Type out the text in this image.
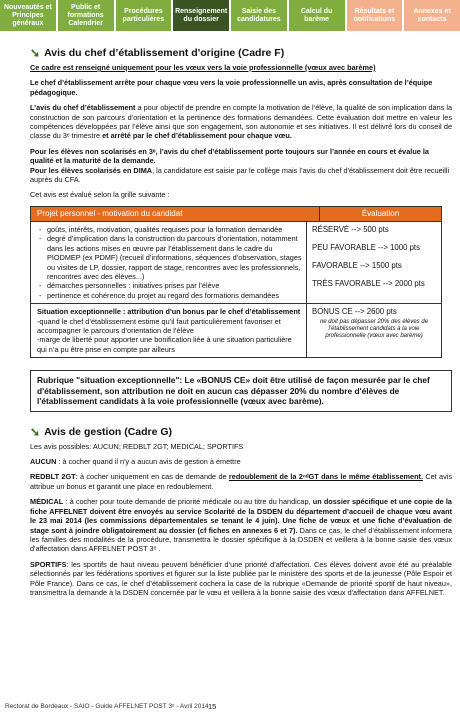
Nouveautés et Principes généraux
Public et formations Calendrier
Procédures particulières
Renseignement du dossier
Saisie des candidatures
Calcul du barème
Résultats et notifications
Annexes et contacts
➘ Avis du chef d’établissement d'origine (Cadre F)

Ce cadre est renseigné uniquement pour les vœux vers la voie professionnelle (vœux avec barème)

Le chef d’établissement arrête pour chaque vœu vers la voie professionnelle un avis, après consultation de l’équipe pédagogique.

L’avis du chef d’établissement a pour objectif de prendre en compte la motivation de l’élève, la qualité de son implication dans la construction de son parcours d’orientation et la pertinence des formations demandées. Cette évaluation doit mettre en valeur les compétences développées par l’élève ainsi que son engagement, son autonomie et ses initiatives. Il est délivré lors du conseil de classe du 3ᵉ trimestre et arrêté par le chef d’établissement pour chaque vœu.

Pour les élèves non scolarisés en 3ᵉ, l’avis du chef d’établissement porte toujours sur l’année en cours et évalue la qualité et la maturité de la demande.

Pour les élèves scolarisés en DIMA, la candidature est saisie par le collège mais l’avis du chef d'établissement doit être recueilli auprès du CFA.

Cet avis est évalué selon la grille suivante :

Projet personnel - motivation du candidat	Évaluation
- goûts, intérêts, motivation, qualités requises pour la formation demandée
- degré d’implication dans la construction du parcours d’orientation, notamment dans les actions mises en œuvre par l’établissement dans le cadre du PIODMEP (ex PDMF) (recueil d’informations, séquences d’observation, stages ou visites de LP, dossier, rapport de stage, rencontres avec les professionnels, rencontres avec des élèves...)
- démarches personnelles : initiatives prises par l’élève
- pertinence et cohérence du projet au regard des formations demandées
RÉSERVÉ --> 500 pts
PEU FAVORABLE --> 1000 pts
FAVORABLE --> 1500 pts
TRÈS FAVORABLE --> 2000 pts
Situation exceptionnelle : attribution d'un bonus par le chef d’établissement
-quand le chef d’établissement estime qu’il faut particulièrement favoriser et accompagner le parcours d’orientation de l’élève
-marge de liberté pour apporter une bonification liée à une situation particulière qui n’a pu être prise en compte par ailleurs
BONUS CE --> 2600 pts
ne doit pas dépasser 20% des élèves de l’établissement candidats à la voie professionnelle (vœux avec barème)
Rubrique "situation exceptionnelle": Le «BONUS CE» doit être utilisé de façon mesurée par le chef d'établissement, son attribution ne doit en aucun cas dépasser 20% du nombre d'élèves de l'établissement candidats à la voie professionnelle (vœux avec barème).
➘ Avis de gestion (Cadre G)

Les avis possibles: AUCUN; REDBLT 2GT; MEDICAL; SPORTIFS

AUCUN : à cocher quand il n'y a aucun avis de gestion à émettre

REDBLT 2GT: à cocher uniquement en cas de demande de redoublement de la 2ⁿᵈGT dans le même établissement. Cet avis attribue un bonus et garantit une place en redoublement.

MÉDICAL : à cocher pour toute demande de priorité médicale ou au titre du handicap, un dossier spécifique et une copie de la fiche AFFELNET doivent être envoyés au service Scolarité de la DSDEN du département d’accueil de chaque vœu avant le 23 mai 2014 (les commissions départementales se tenant le 4 juin). Une fiche de vœux et une fiche d’évaluation de stage sont à joindre obligatoirement au dossier (cf fiches en annexes 6 et 7). Dans ce cas, le chef d’établissement informera les familles des modalités de la procédure, transmettra le dossier spécifique à la DSDEN et veillera à la bonne saisie des vœux d'affectation dans AFFELNET POST 3ᵉ .

SPORTIFS: les sportifs de haut niveau peuvent bénéficier d’une priorité d’affectation. Ces élèves doivent avoir été au préalable sélectionnés par les fédérations sportives et figurer sur la liste publiée par le ministère des sports et de la jeunesse (Pôle Espoir et Pôle France). Dans ce cas, le chef d’établissement cochera la case de la rubrique «Demande de priorité sportif de haut niveau», transmettra la demande à la DSDEN concernée par le vœu et veillera à la bonne saisie des vœux d'affectation dans AFFELNET.

Rectorat de Bordeaux - SAIO - Guide AFFELNET POST 3ᵉ - Avril 2014 15
